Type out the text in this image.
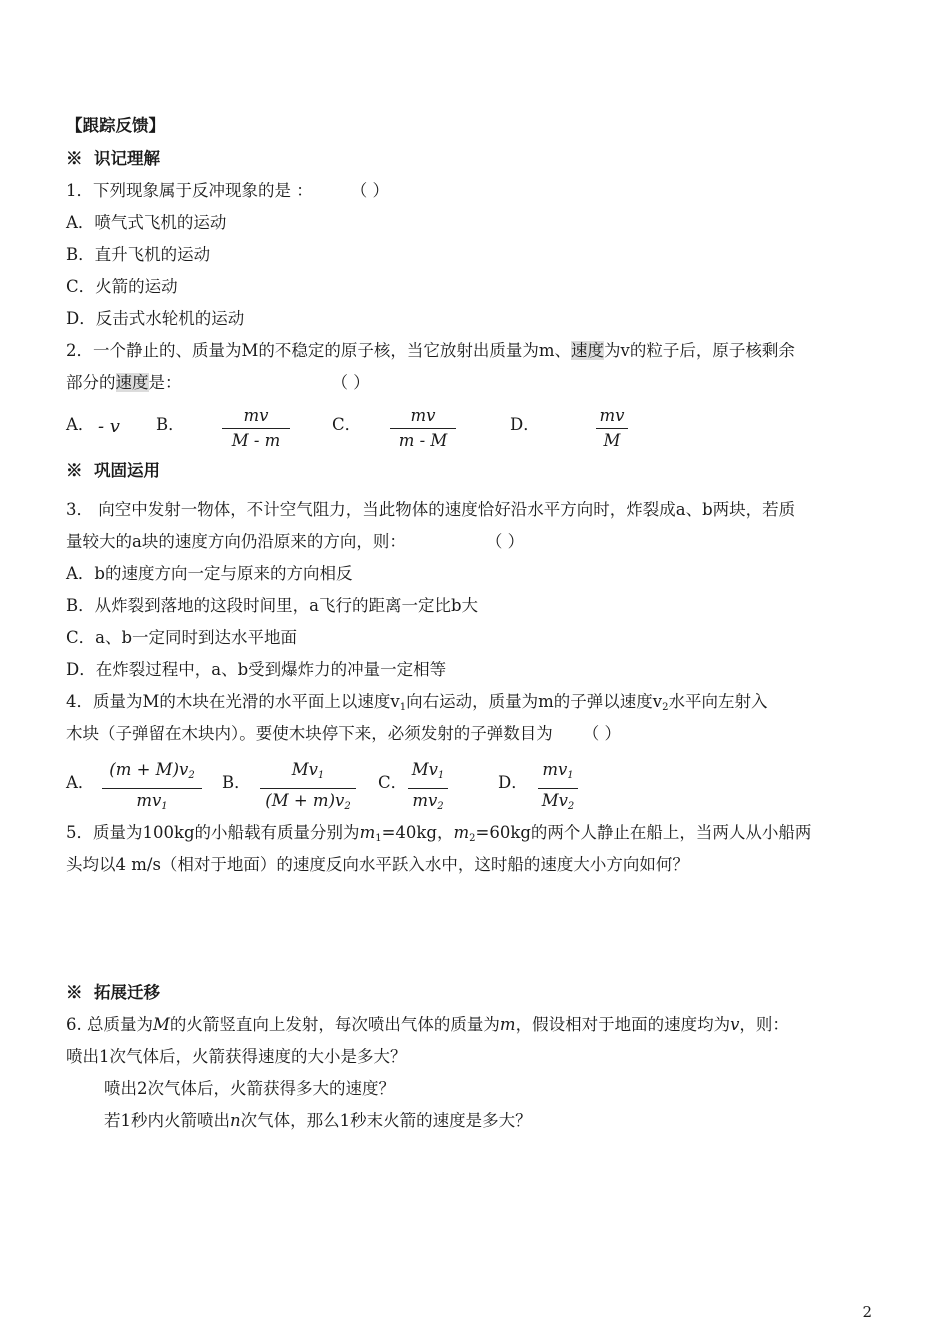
【跟踪反馈】
※ 识记理解
1．下列现象属于反冲现象的是 ： （ ）
A．喷气式飞机的运动
B．直升飞机的运动
C．火箭的运动
D．反击式水轮机的运动
2．一个静止的、质量为M的不稳定的原子核，当它放射出质量为m、速度为v的粒子后，原子核剩余
部分的速度是：	（ ）
A． - v B．	mv
M - m
C．	mv
m - M
D．	mv
M
※ 巩固运用
3． 向空中发射一物体，不计空气阻力，当此物体的速度恰好沿水平方向时，炸裂成a、b两块，若质
量较大的a块的速度方向仍沿原来的方向，则：	（ ）
A．b的速度方向一定与原来的方向相反
B．从炸裂到落地的这段时间里，a飞行的距离一定比b大
C．a、b一定同时到达水平地面
D．在炸裂过程中，a、b受到爆炸力的冲量一定相等
4．质量为M的木块在光滑的水平面上以速度$v_1$向右运动，质量为m的子弹以速度$v_2$水平向左射入
木块（子弹留在木块内）。要使木块停下来，必须发射的子弹数目为 （ ）
A．
$(m + M)v_2$
$mv_1$
B．
$Mv_1$
$(M + m)v_2$
C．
$Mv_1$
$mv_2$
D．
$mv_1$
$Mv_2$
5．质量为100kg的小船载有质量分别为$m_1=40kg$，$m_2=60kg$的两个人静止在船上，当两人从小船两
头均以4 m/s（相对于地面）的速度反向水平跃入水中，这时船的速度大小方向如何？
※ 拓展迁移
6. 总质量为M的火箭竖直向上发射，每次喷出气体的质量为m，假设相对于地面的速度均为v，则：
喷出1次气体后，火箭获得速度的大小是多大？
喷出2次气体后，火箭获得多大的速度？
若1秒内火箭喷出n次气体，那么1秒末火箭的速度是多大？
2
